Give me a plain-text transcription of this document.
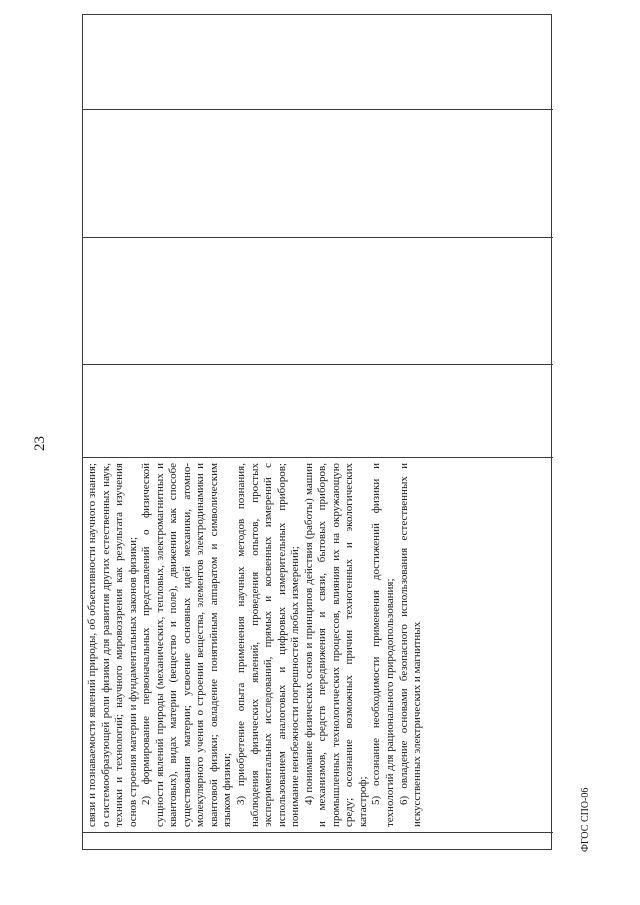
23

связи и познаваемости явлений природы, об объективности научного знания; о системообразующей роли физики для развития других естественных наук, техники и технологий; научного мировоззрения как результата изучения основ строения материи и фундаментальных законов физики; 2) формирование первоначальных представлений о физической сущности явлений природы (механических, тепловых, электромагнитных и квантовых), видах материи (вещество и поле), движении как способе существования материи; усвоение основных идей механики, атомно-молекулярного учения о строении вещества, элементов электродинамики и квантовой физики; овладение понятийным аппаратом и символическим языком физики; 3) приобретение опыта применения научных методов познания, наблюдения физических явлений, проведения опытов, простых экспериментальных исследований, прямых и косвенных измерений с использованием аналоговых и цифровых измерительных приборов; понимание неизбежности погрешностей любых измерений; 4) понимание физических основ и принципов действия (работы) машин и механизмов, средств передвижения и связи, бытовых приборов, промышленных технологических процессов, влияния их на окружающую среду; осознание возможных причин техногенных и экологических катастроф; 5) осознание необходимости применения достижений физики и технологий для рационального природопользования; 6) овладение основами безопасного использования естественных и искусственных электрических и магнитных	ФГОС СПО-06
